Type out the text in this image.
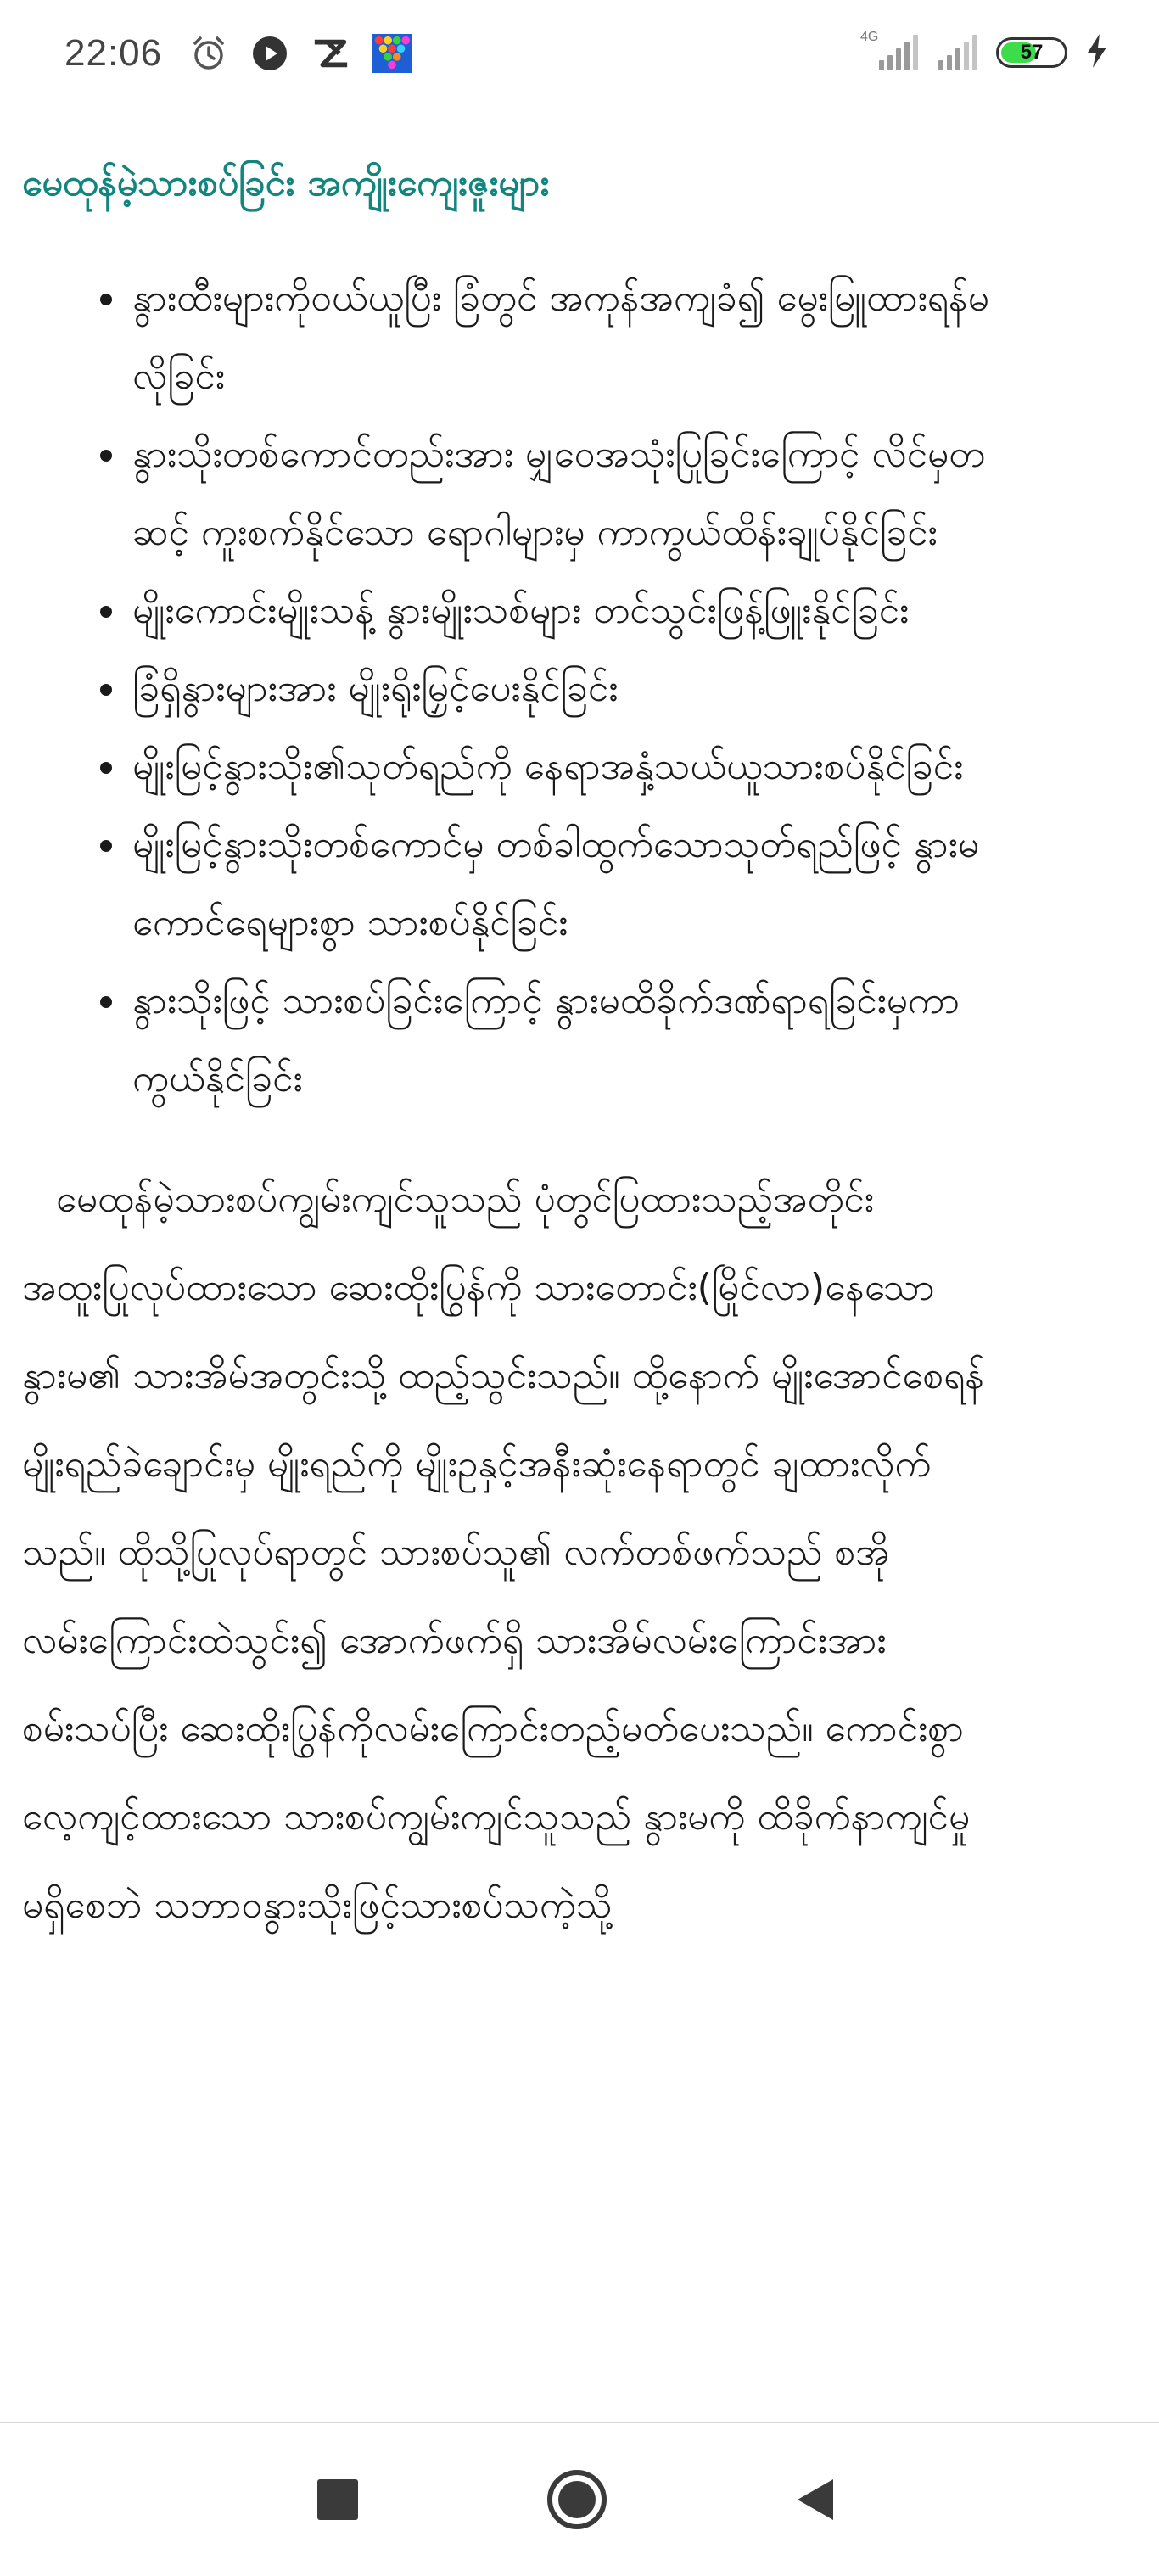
22:06	4G
57
မေထုန်မဲ့သားစပ်ခြင်း အကျိုးကျေးဇူးများ
နွားထီးများကိုဝယ်ယူပြီး ခြံတွင် အကုန်အကျခံ၍ မွေးမြူထားရန်မလိုခြင်း
နွားသိုးတစ်ကောင်တည်းအား မျှဝေအသုံးပြုခြင်းကြောင့် လိင်မှတဆင့် ကူးစက်နိုင်သော ရောဂါများမှ ကာကွယ်ထိန်းချုပ်နိုင်ခြင်း
မျိုးကောင်းမျိုးသန့် နွားမျိုးသစ်များ တင်သွင်းဖြန့်ဖြူးနိုင်ခြင်း
ခြံရှိနွားများအား မျိုးရိုးမြှင့်ပေးနိုင်ခြင်း
မျိုးမြင့်နွားသိုး၏သုတ်ရည်ကို နေရာအနှံ့သယ်ယူသားစပ်နိုင်ခြင်း
မျိုးမြင့်နွားသိုးတစ်ကောင်မှ တစ်ခါထွက်သောသုတ်ရည်ဖြင့် နွားမကောင်ရေများစွာ သားစပ်နိုင်ခြင်း
နွားသိုးဖြင့် သားစပ်ခြင်းကြောင့် နွားမထိခိုက်ဒဏ်ရာရခြင်းမှကာကွယ်နိုင်ခြင်း

မေထုန်မဲ့သားစပ်ကျွမ်းကျင်သူသည် ပုံတွင်ပြထားသည့်အတိုင်း အထူးပြုလုပ်ထားသော ဆေးထိုးပြွန်ကို သားတောင်း(မြိုင်လာ)နေသောနွားမ၏ သားအိမ်အတွင်းသို့ ထည့်သွင်းသည်။ ထို့နောက် မျိုးအောင်စေရန် မျိုးရည်ခဲချောင်းမှ မျိုးရည်ကို မျိုးဥနှင့်အနီးဆုံးနေရာတွင် ချထားလိုက်သည်။ ထိုသို့ပြုလုပ်ရာတွင် သားစပ်သူ၏ လက်တစ်ဖက်သည် စအိုလမ်းကြောင်းထဲသွင်း၍ အောက်ဖက်ရှိ သားအိမ်လမ်းကြောင်းအား စမ်းသပ်ပြီး ဆေးထိုးပြွန်ကိုလမ်းကြောင်းတည့်မတ်ပေးသည်။ ကောင်းစွာလေ့ကျင့်ထားသော သားစပ်ကျွမ်းကျင်သူသည် နွားမကို ထိခိုက်နာကျင်မှုမရှိစေဘဲ သဘာဝနွားသိုးဖြင့်သားစပ်သကဲ့သို့
